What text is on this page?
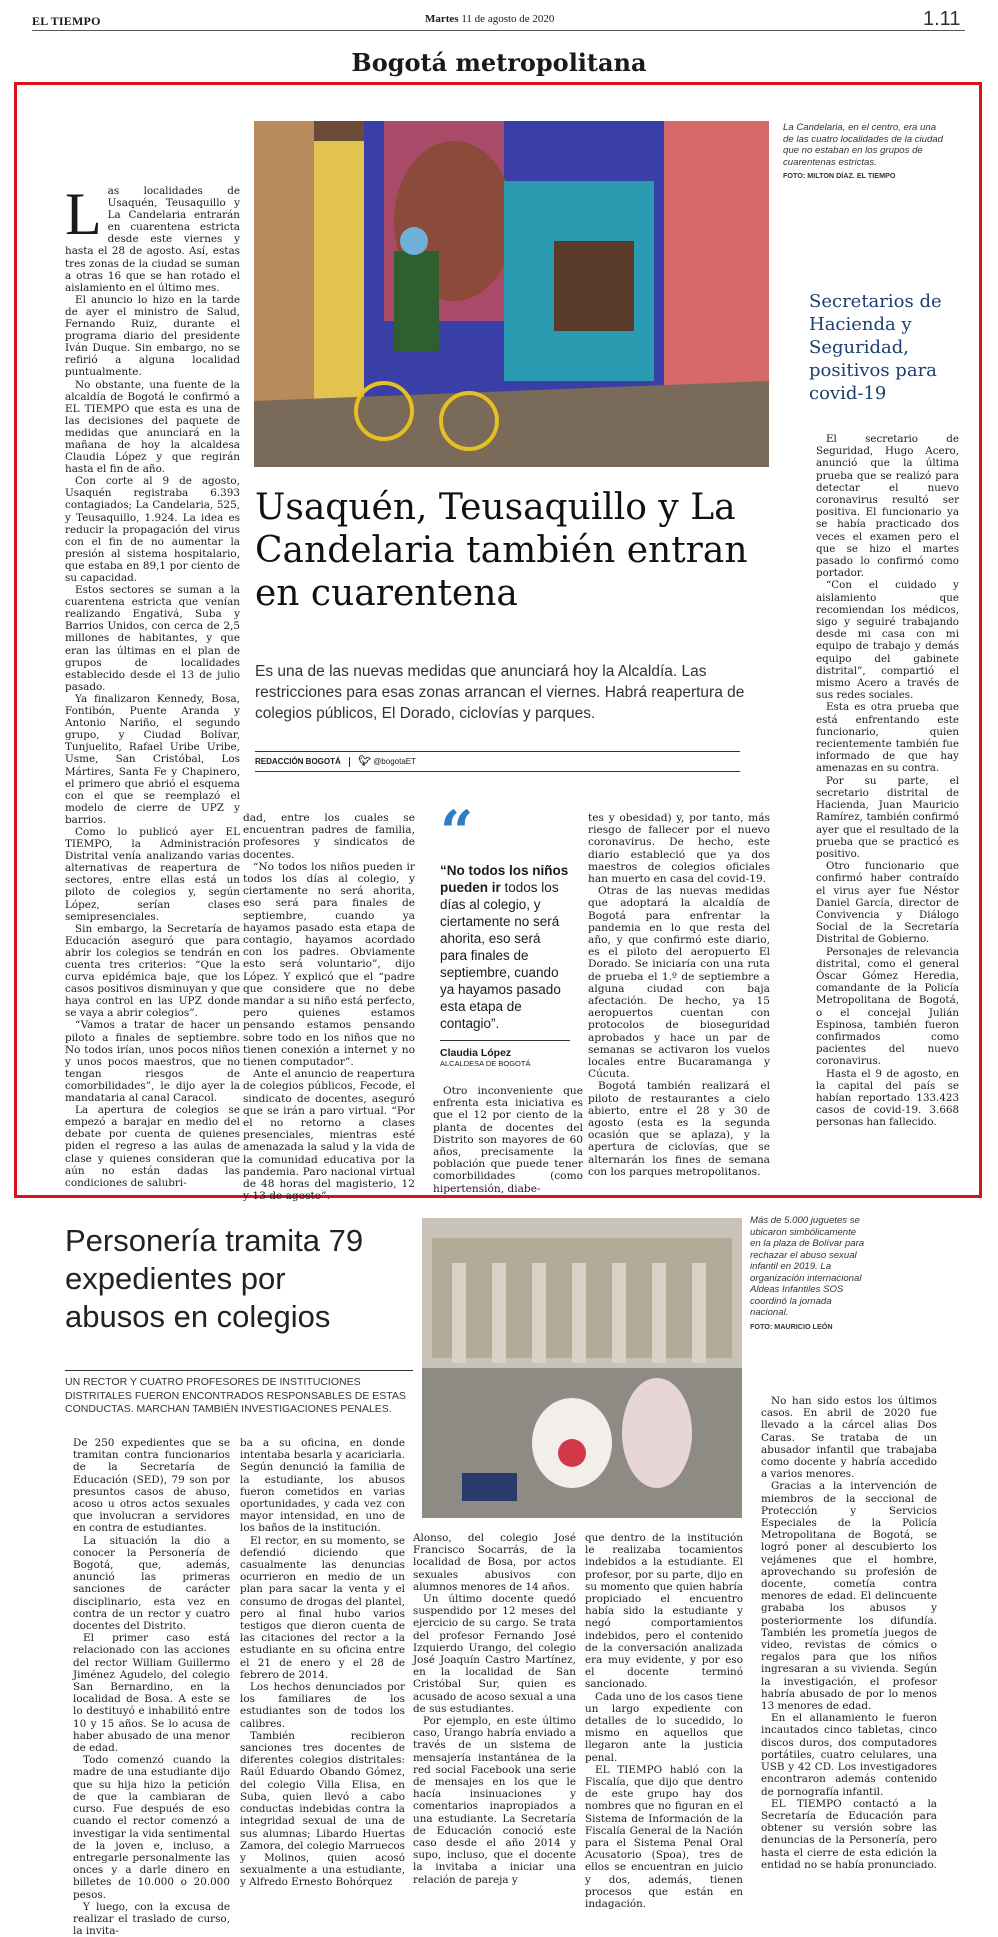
EL TIEMPO	Martes 11 de agosto de 2020	1.11
Bogotá metropolitana
La Candelaria, en el centro, era una de las cuatro localidades de la ciudad que no estaban en los grupos de cuarentenas estrictas.
FOTO: MILTON DÍAZ. EL TIEMPO
Usaquén, Teusaquillo y La Candelaria también entran en cuarentena
Es una de las nuevas medidas que anunciará hoy la Alcaldía. Las restricciones para esas zonas arrancan el viernes. Habrá reapertura de colegios públicos, El Dorado, ciclovías y parques.
REDACCIÓN BOGOTÁ 🐦︎ @bogotaET

Las localidades de Usaquén, Teusaquillo y La Candelaria entrarán en cuarentena estricta desde este viernes y hasta el 28 de agosto. Así, estas tres zonas de la ciudad se suman a otras 16 que se han rotado el aislamiento en el último mes.

El anuncio lo hizo en la tarde de ayer el ministro de Salud, Fernando Ruiz, durante el programa diario del presidente Iván Duque. Sin embargo, no se refirió a alguna localidad puntualmente.

No obstante, una fuente de la alcaldía de Bogotá le confirmó a EL TIEMPO que esta es una de las decisiones del paquete de medidas que anunciará en la mañana de hoy la alcaldesa Claudia López y que regirán hasta el fin de año.

Con corte al 9 de agosto, Usaquén registraba 6.393 contagiados; La Candelaria, 525, y Teusaquillo, 1.924. La idea es reducir la propagación del virus con el fin de no aumentar la presión al sistema hospitalario, que estaba en 89,1 por ciento de su capacidad.

Estos sectores se suman a la cuarentena estricta que venían realizando Engativá, Suba y Barrios Unidos, con cerca de 2,5 millones de habitantes, y que eran las últimas en el plan de grupos de localidades establecido desde el 13 de julio pasado.

Ya finalizaron Kennedy, Bosa, Fontibón, Puente Aranda y Antonio Nariño, el segundo grupo, y Ciudad Bolívar, Tunjuelito, Rafael Uribe Uribe, Usme, San Cristóbal, Los Mártires, Santa Fe y Chapinero, el primero que abrió el esquema con el que se reemplazó el modelo de cierre de UPZ y barrios.

Como lo publicó ayer EL TIEMPO, la Administración Distrital venía analizando varias alternativas de reapertura de sectores, entre ellas está un piloto de colegios y, según López, serían clases semipresenciales.

Sin embargo, la Secretaría de Educación aseguró que para abrir los colegios se tendrán en cuenta tres criterios: “Que la curva epidémica baje, que los casos positivos disminuyan y que haya control en las UPZ donde se vaya a abrir colegios”.

“Vamos a tratar de hacer un piloto a finales de septiembre. No todos irían, unos pocos niños y unos pocos maestros, que no tengan riesgos de comorbilidades”, le dijo ayer la mandataria al canal Caracol.

La apertura de colegios se empezó a barajar en medio del debate por cuenta de quienes piden el regreso a las aulas de clase y quienes consideran que aún no están dadas las condiciones de salubri-

dad, entre los cuales se encuentran padres de familia, profesores y sindicatos de docentes.

“No todos los niños pueden ir todos los días al colegio, y ciertamente no será ahorita, eso será para finales de septiembre, cuando ya hayamos pasado esta etapa de contagio, hayamos acordado con los padres. Obviamente esto será voluntario”, dijo López. Y explicó que el “padre que considere que no debe mandar a su niño está perfecto, pero quienes estamos pensando estamos pensando sobre todo en los niños que no tienen conexión a internet y no tienen computador”.

Ante el anuncio de reapertura de colegios públicos, Fecode, el sindicato de docentes, aseguró que se irán a paro virtual. “Por el no retorno a clases presenciales, mientras esté amenazada la salud y la vida de la comunidad educativa por la pandemia. Paro nacional virtual de 48 horas del magisterio, 12 y 13 de agosto”.

“
“No todos los niños pueden ir todos los días al colegio, y ciertamente no será ahorita, eso será para finales de septiembre, cuando ya hayamos pasado esta etapa de contagio”.
Claudia López
ALCALDESA DE BOGOTÁ

Otro inconveniente que enfrenta esta iniciativa es que el 12 por ciento de la planta de docentes del Distrito son mayores de 60 años, precisamente la población que puede tener comorbilidades (como hipertensión, diabe-

tes y obesidad) y, por tanto, más riesgo de fallecer por el nuevo coronavirus. De hecho, este diario estableció que ya dos maestros de colegios oficiales han muerto en casa del covid-19.

Otras de las nuevas medidas que adoptará la alcaldía de Bogotá para enfrentar la pandemia en lo que resta del año, y que confirmó este diario, es el piloto del aeropuerto El Dorado. Se iniciaría con una ruta de prueba el 1.º de septiembre a alguna ciudad con baja afectación. De hecho, ya 15 aeropuertos cuentan con protocolos de bioseguridad aprobados y hace un par de semanas se activaron los vuelos locales entre Bucaramanga y Cúcuta.

Bogotá también realizará el piloto de restaurantes a cielo abierto, entre el 28 y 30 de agosto (esta es la segunda ocasión que se aplaza), y la apertura de ciclovías, que se alternarán los fines de semana con los parques metropolitanos.

Secretarios de Hacienda y Seguridad, positivos para covid-19

El secretario de Seguridad, Hugo Acero, anunció que la última prueba que se realizó para detectar el nuevo coronavirus resultó ser positiva. El funcionario ya se había practicado dos veces el examen pero el que se hizo el martes pasado lo confirmó como portador.

“Con el cuidado y aislamiento que recomiendan los médicos, sigo y seguiré trabajando desde mi casa con mi equipo de trabajo y demás equipo del gabinete distrital”, compartió el mismo Acero a través de sus redes sociales.

Esta es otra prueba que está enfrentando este funcionario, quien recientemente también fue informado de que hay amenazas en su contra.

Por su parte, el secretario distrital de Hacienda, Juan Mauricio Ramírez, también confirmó ayer que el resultado de la prueba que se practicó es positivo.

Otro funcionario que confirmó haber contraído el virus ayer fue Néstor Daniel García, director de Convivencia y Diálogo Social de la Secretaría Distrital de Gobierno.

Personajes de relevancia distrital, como el general Óscar Gómez Heredia, comandante de la Policía Metropolitana de Bogotá, o el concejal Julián Espinosa, también fueron confirmados como pacientes del nuevo coronavirus.

Hasta el 9 de agosto, en la capital del país se habían reportado 133.423 casos de covid-19. 3.668 personas han fallecido.

Personería tramita 79 expedientes por abusos en colegios
UN RECTOR Y CUATRO PROFESORES DE INSTITUCIONES DISTRITALES FUERON ENCONTRADOS RESPONSABLES DE ESTAS CONDUCTAS. MARCHAN TAMBIÉN INVESTIGACIONES PENALES.
Más de 5.000 juguetes se ubicaron simbólicamente en la plaza de Bolívar para rechazar el abuso sexual infantil en 2019. La organización internacional Aldeas Infantiles SOS coordinó la jornada nacional.
FOTO: MAURICIO LEÓN

De 250 expedientes que se tramitan contra funcionarios de la Secretaría de Educación (SED), 79 son por presuntos casos de abuso, acoso u otros actos sexuales que involucran a servidores en contra de estudiantes.

La situación la dio a conocer la Personería de Bogotá, que, además, anunció las primeras sanciones de carácter disciplinario, esta vez en contra de un rector y cuatro docentes del Distrito.

El primer caso está relacionado con las acciones del rector William Guillermo Jiménez Agudelo, del colegio San Bernardino, en la localidad de Bosa. A este se lo destituyó e inhabilitó entre 10 y 15 años. Se lo acusa de haber abusado de una menor de edad.

Todo comenzó cuando la madre de una estudiante dijo que su hija hizo la petición de que la cambiaran de curso. Fue después de eso cuando el rector comenzó a investigar la vida sentimental de la joven e, incluso, a entregarle personalmente las onces y a darle dinero en billetes de 10.000 o 20.000 pesos.

Y luego, con la excusa de realizar el traslado de curso, la invita-

ba a su oficina, en donde intentaba besarla y acariciarla. Según denunció la familia de la estudiante, los abusos fueron cometidos en varias oportunidades, y cada vez con mayor intensidad, en uno de los baños de la institución.

El rector, en su momento, se defendió diciendo que casualmente las denuncias ocurrieron en medio de un plan para sacar la venta y el consumo de drogas del plantel, pero al final hubo varios testigos que dieron cuenta de las citaciones del rector a la estudiante en su oficina entre el 21 de enero y el 28 de febrero de 2014.

Los hechos denunciados por los familiares de los estudiantes son de todos los calibres.

También recibieron sanciones tres docentes de diferentes colegios distritales: Raúl Eduardo Obando Gómez, del colegio Villa Elisa, en Suba, quien llevó a cabo conductas indebidas contra la integridad sexual de una de sus alumnas; Libardo Huertas Zamora, del colegio Marruecos y Molinos, quien acosó sexualmente a una estudiante, y Alfredo Ernesto Bohórquez

Alonso, del colegio José Francisco Socarrás, de la localidad de Bosa, por actos sexuales abusivos con alumnos menores de 14 años.

Un último docente quedó suspendido por 12 meses del ejercicio de su cargo. Se trata del profesor Fernando José Izquierdo Urango, del colegio José Joaquín Castro Martínez, en la localidad de San Cristóbal Sur, quien es acusado de acoso sexual a una de sus estudiantes.

Por ejemplo, en este último caso, Urango habría enviado a través de un sistema de mensajería instantánea de la red social Facebook una serie de mensajes en los que le hacía insinuaciones y comentarios inapropiados a una estudiante. La Secretaría de Educación conoció este caso desde el año 2014 y supo, incluso, que el docente la invitaba a iniciar una relación de pareja y

que dentro de la institución le realizaba tocamientos indebidos a la estudiante. El profesor, por su parte, dijo en su momento que quien habría propiciado el encuentro había sido la estudiante y negó comportamientos indebidos, pero el contenido de la conversación analizada era muy evidente, y por eso el docente terminó sancionado.

Cada uno de los casos tiene un largo expediente con detalles de lo sucedido, lo mismo en aquellos que llegaron ante la justicia penal.

EL TIEMPO habló con la Fiscalía, que dijo que dentro de este grupo hay dos nombres que no figuran en el Sistema de Información de la Fiscalía General de la Nación para el Sistema Penal Oral Acusatorio (Spoa), tres de ellos se encuentran en juicio y dos, además, tienen procesos que están en indagación.

No han sido estos los últimos casos. En abril de 2020 fue llevado a la cárcel alias Dos Caras. Se trataba de un abusador infantil que trabajaba como docente y habría accedido a varios menores.

Gracias a la intervención de miembros de la seccional de Protección y Servicios Especiales de la Policía Metropolitana de Bogotá, se logró poner al descubierto los vejámenes que el hombre, aprovechando su profesión de docente, cometía contra menores de edad. El delincuente grababa los abusos y posteriormente los difundía. También les prometía juegos de video, revistas de cómics o regalos para que los niños ingresaran a su vivienda. Según la investigación, el profesor habría abusado de por lo menos 13 menores de edad.

En el allanamiento le fueron incautados cinco tabletas, cinco discos duros, dos computadores portátiles, cuatro celulares, una USB y 42 CD. Los investigadores encontraron además contenido de pornografía infantil.

EL TIEMPO contactó a la Secretaría de Educación para obtener su versión sobre las denuncias de la Personería, pero hasta el cierre de esta edición la entidad no se había pronunciado.
